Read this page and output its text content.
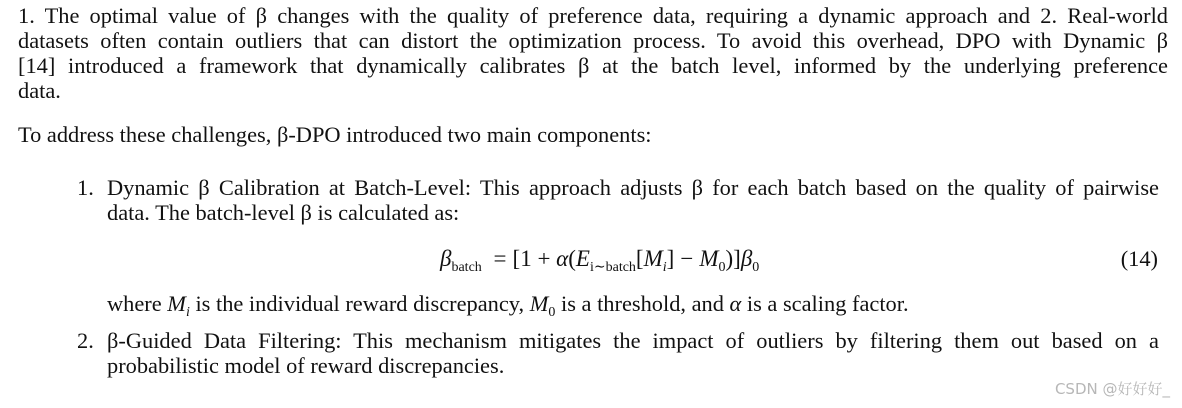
1. The optimal value of β changes with the quality of preference data, requiring a dynamic approach and 2. Real-world
datasets often contain outliers that can distort the optimization process. To avoid this overhead, DPO with Dynamic β
[14] introduced a framework that dynamically calibrates β at the batch level, informed by the underlying preference
data.
To address these challenges, β-DPO introduced two main components:
1. Dynamic β Calibration at Batch-Level: This approach adjusts β for each batch based on the quality of pairwise
data. The batch-level β is calculated as:
$\beta_{batch} = [1 + \alpha(E_{i\sim batch}[M_i] - M_0)]\beta_0$	(14)
where $M_i$ is the individual reward discrepancy, $M_0$ is a threshold, and α is a scaling factor.
2. β-Guided Data Filtering: This mechanism mitigates the impact of outliers by filtering them out based on a
probabilistic model of reward discrepancies.
CSDN @好好好_
